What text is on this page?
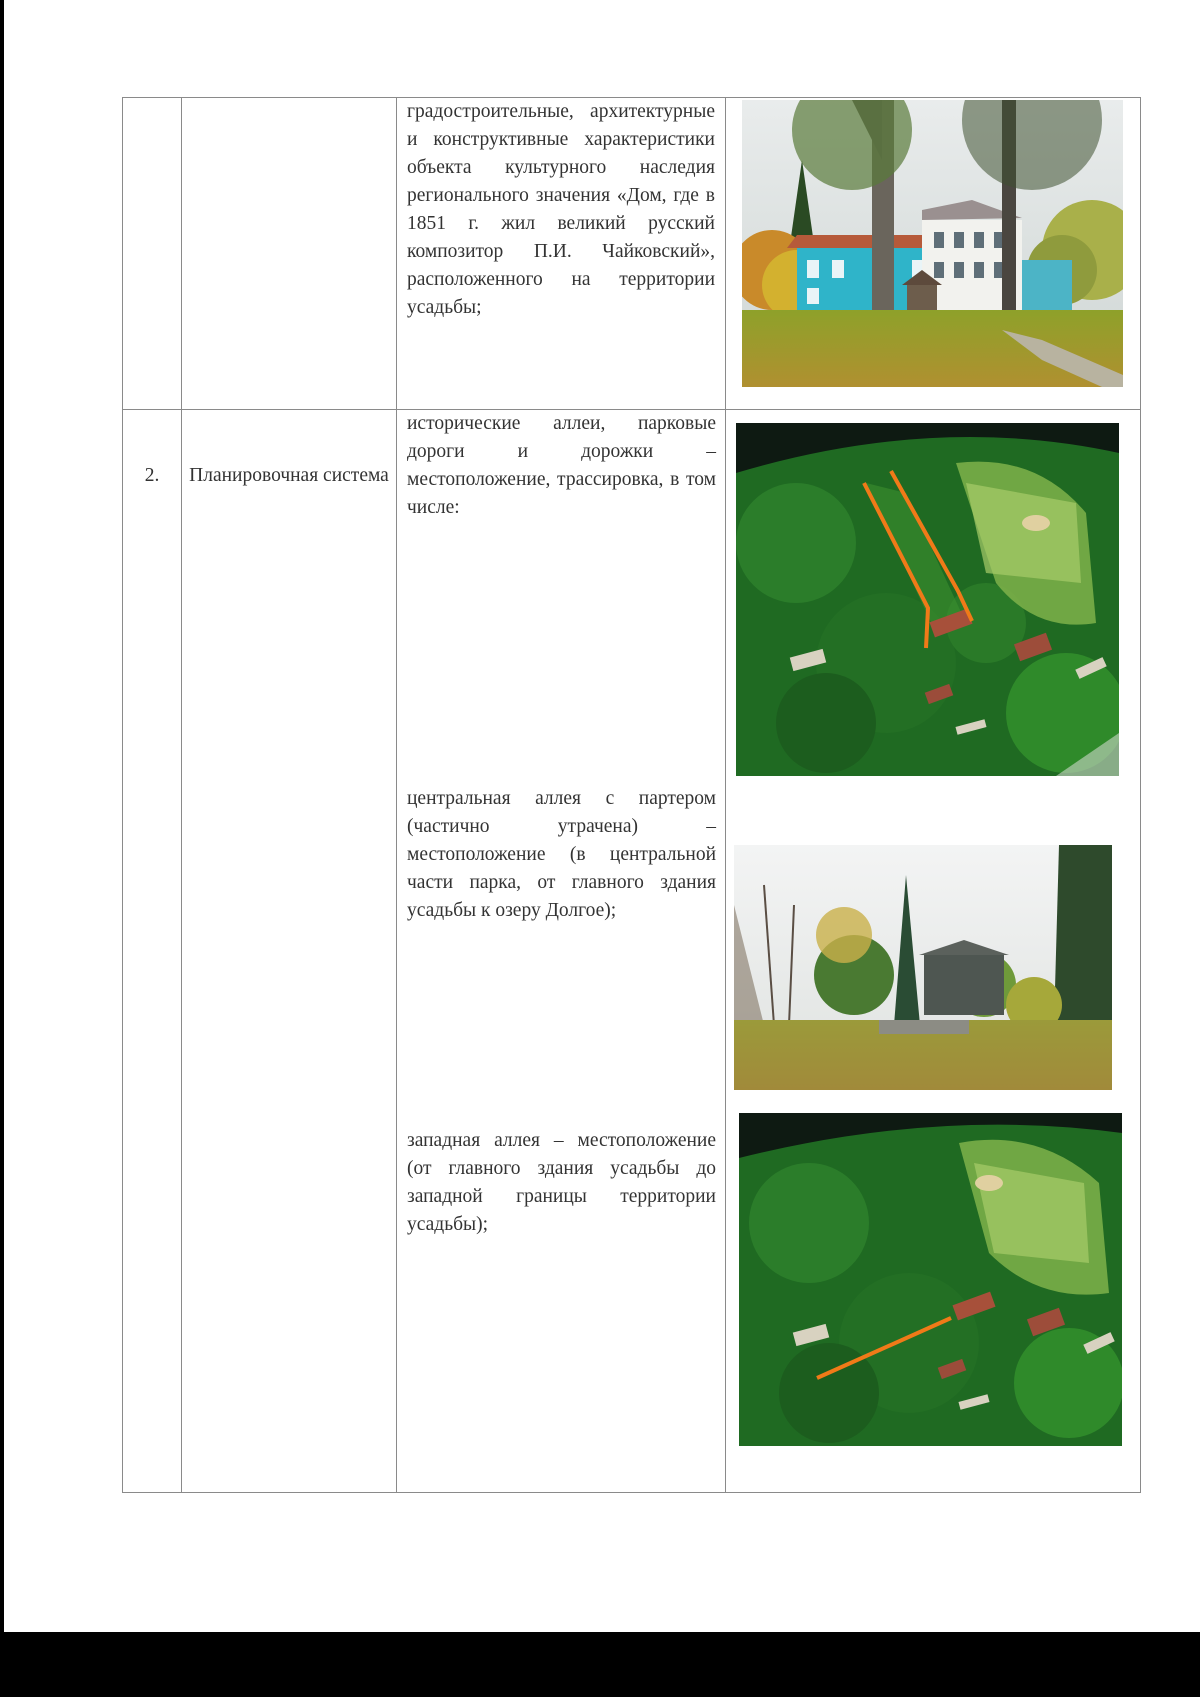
		градостроительные, архитектурные и конструктивные характеристики объекта культурного наследия регионального значения «Дом, где в 1851 г. жил великий русский композитор П.И. Чайковский», расположенного на территории усадьбы;

2.	Планировочная система	исторические аллеи, парковые дороги и дорожки – местоположение, трассировка, в том числе:
центральная аллея с партером (частично утрачена) – местоположение (в центральной части парка, от главного здания усадьбы к озеру Долгое);
западная аллея – местоположение (от главного здания усадьбы до западной границы территории усадьбы);
